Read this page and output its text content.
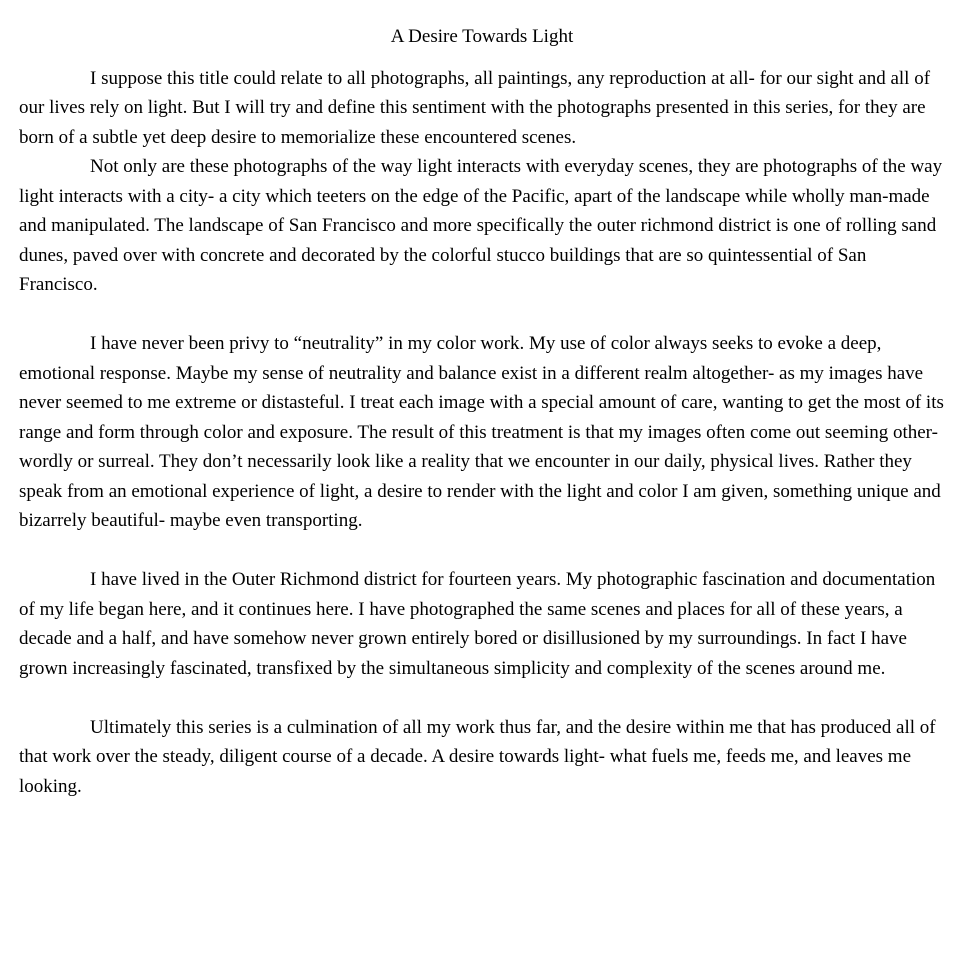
A Desire Towards Light

I suppose this title could relate to all photographs, all paintings, any reproduction at all- for our sight and all of our lives rely on light. But I will try and define this sentiment with the photographs presented in this series, for they are born of a subtle yet deep desire to memorialize these encountered scenes.

Not only are these photographs of the way light interacts with everyday scenes, they are photographs of the way light interacts with a city- a city which teeters on the edge of the Pacific, apart of the landscape while wholly man-made and manipulated. The landscape of San Francisco and more specifically the outer richmond district is one of rolling sand dunes, paved over with concrete and decorated by the colorful stucco buildings that are so quintessential of San Francisco.

I have never been privy to “neutrality” in my color work. My use of color always seeks to evoke a deep, emotional response. Maybe my sense of neutrality and balance exist in a different realm altogether- as my images have never seemed to me extreme or distasteful. I treat each image with a special amount of care, wanting to get the most of its range and form through color and exposure. The result of this treatment is that my images often come out seeming other-wordly or surreal. They don’t necessarily look like a reality that we encounter in our daily, physical lives. Rather they speak from an emotional experience of light, a desire to render with the light and color I am given, something unique and bizarrely beautiful- maybe even transporting.

I have lived in the Outer Richmond district for fourteen years. My photographic fascination and documentation of my life began here, and it continues here. I have photographed the same scenes and places for all of these years, a decade and a half, and have somehow never grown entirely bored or disillusioned by my surroundings. In fact I have grown increasingly fascinated, transfixed by the simultaneous simplicity and complexity of the scenes around me.

Ultimately this series is a culmination of all my work thus far, and the desire within me that has produced all of that work over the steady, diligent course of a decade. A desire towards light- what fuels me, feeds me, and leaves me looking.
